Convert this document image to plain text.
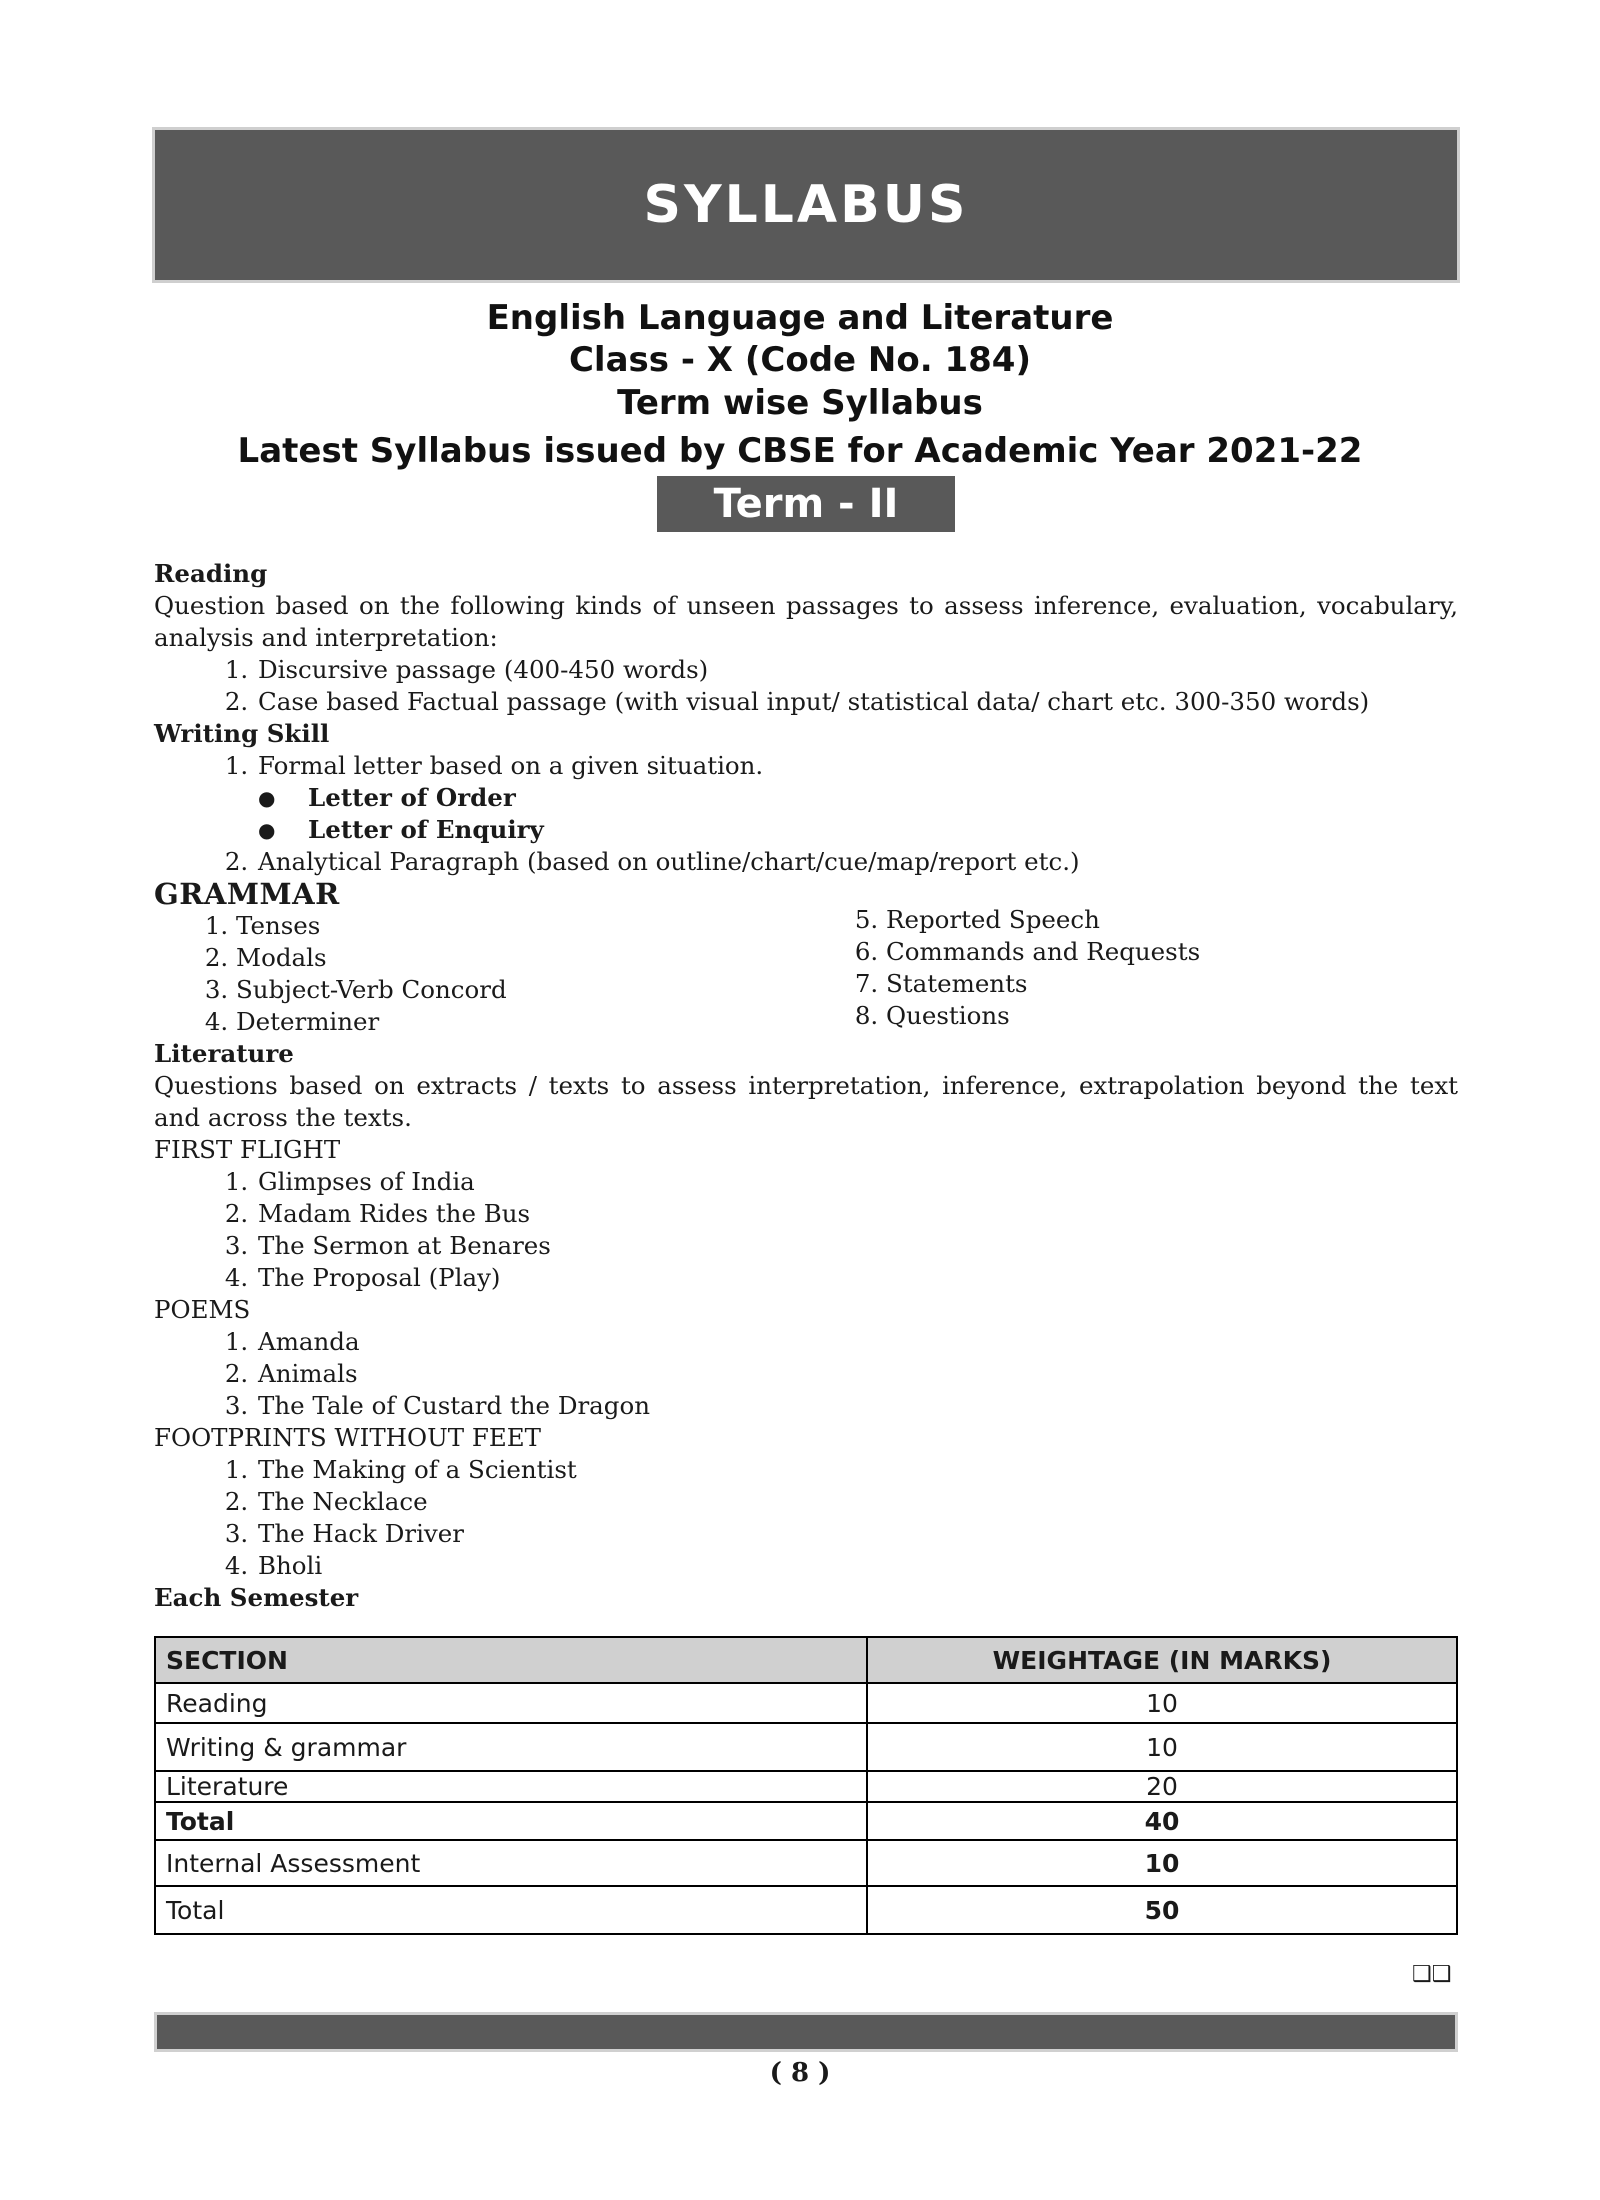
SYLLABUS
English Language and Literature
Class - X (Code No. 184)
Term wise Syllabus
Latest Syllabus issued by CBSE for Academic Year 2021-22
Term - II
Reading
Question based on the following kinds of unseen passages to assess inference, evaluation, vocabulary, analysis and interpretation:
1. Discursive passage (400-450 words)
2. Case based Factual passage (with visual input/ statistical data/ chart etc. 300-350 words)
Writing Skill
1. Formal letter based on a given situation.
● Letter of Order
● Letter of Enquiry
2. Analytical Paragraph (based on outline/chart/cue/map/report etc.)
GRAMMAR
1. Tenses
2. Modals
3. Subject-Verb Concord
4. Determiner
5. Reported Speech
6. Commands and Requests
7. Statements
8. Questions
Literature
Questions based on extracts / texts to assess interpretation, inference, extrapolation beyond the text and across the texts.
FIRST FLIGHT
1. Glimpses of India
2. Madam Rides the Bus
3. The Sermon at Benares
4. The Proposal (Play)
POEMS
1. Amanda
2. Animals
3. The Tale of Custard the Dragon
FOOTPRINTS WITHOUT FEET
1. The Making of a Scientist
2. The Necklace
3. The Hack Driver
4. Bholi
Each Semester
SECTION	WEIGHTAGE (IN MARKS)
Reading	10
Writing & grammar	10
Literature	20
Total	40
Internal Assessment	10
Total	50
❑❑
( 8 )
